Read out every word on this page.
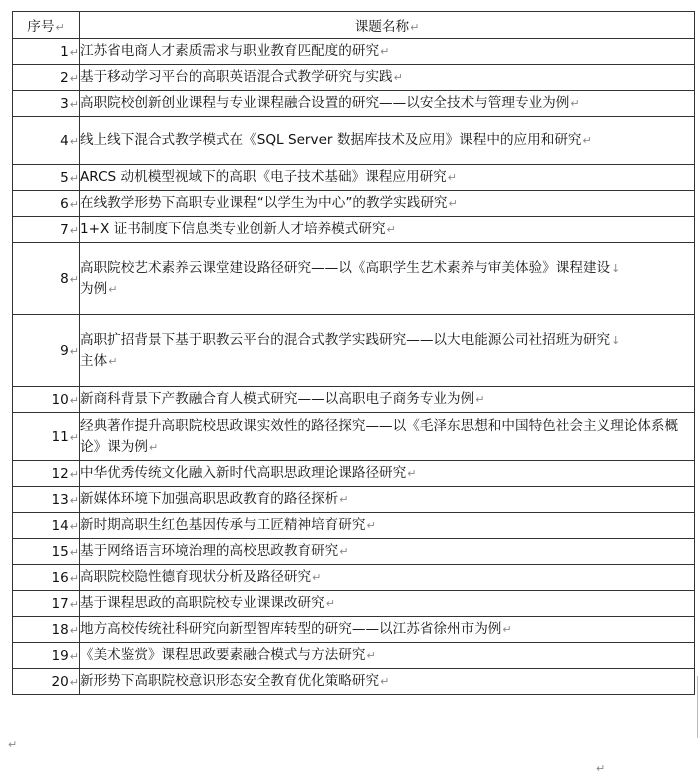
序号↵	课题名称↵
1↵	江苏省电商人才素质需求与职业教育匹配度的研究↵
2↵	基于移动学习平台的高职英语混合式教学研究与实践↵
3↵	高职院校创新创业课程与专业课程融合设置的研究——以安全技术与管理专业为例↵
4↵	线上线下混合式教学模式在《SQL Server 数据库技术及应用》课程中的应用和研究↵
5↵	ARCS 动机模型视域下的高职《电子技术基础》课程应用研究↵
6↵	在线教学形势下高职专业课程“以学生为中心”的教学实践研究↵
7↵	1+X 证书制度下信息类专业创新人才培养模式研究↵
8↵	高职院校艺术素养云课堂建设路径研究——以《高职学生艺术素养与审美体验》课程建设↓
为例↵
9↵	高职扩招背景下基于职教云平台的混合式教学实践研究——以大电能源公司社招班为研究↓
主体↵
10↵	新商科背景下产教融合育人模式研究——以高职电子商务专业为例↵
11↵	经典著作提升高职院校思政课实效性的路径探究——以《毛泽东思想和中国特色社会主义理论体系概论》课为例↵
12↵	中华优秀传统文化融入新时代高职思政理论课路径研究↵
13↵	新媒体环境下加强高职思政教育的路径探析↵
14↵	新时期高职生红色基因传承与工匠精神培育研究↵
15↵	基于网络语言环境治理的高校思政教育研究↵
16↵	高职院校隐性德育现状分析及路径研究↵
17↵	基于课程思政的高职院校专业课课改研究↵
18↵	地方高校传统社科研究向新型智库转型的研究——以江苏省徐州市为例↵
19↵	《美术鉴赏》课程思政要素融合模式与方法研究↵
20↵	新形势下高职院校意识形态安全教育优化策略研究↵
↵
↵
